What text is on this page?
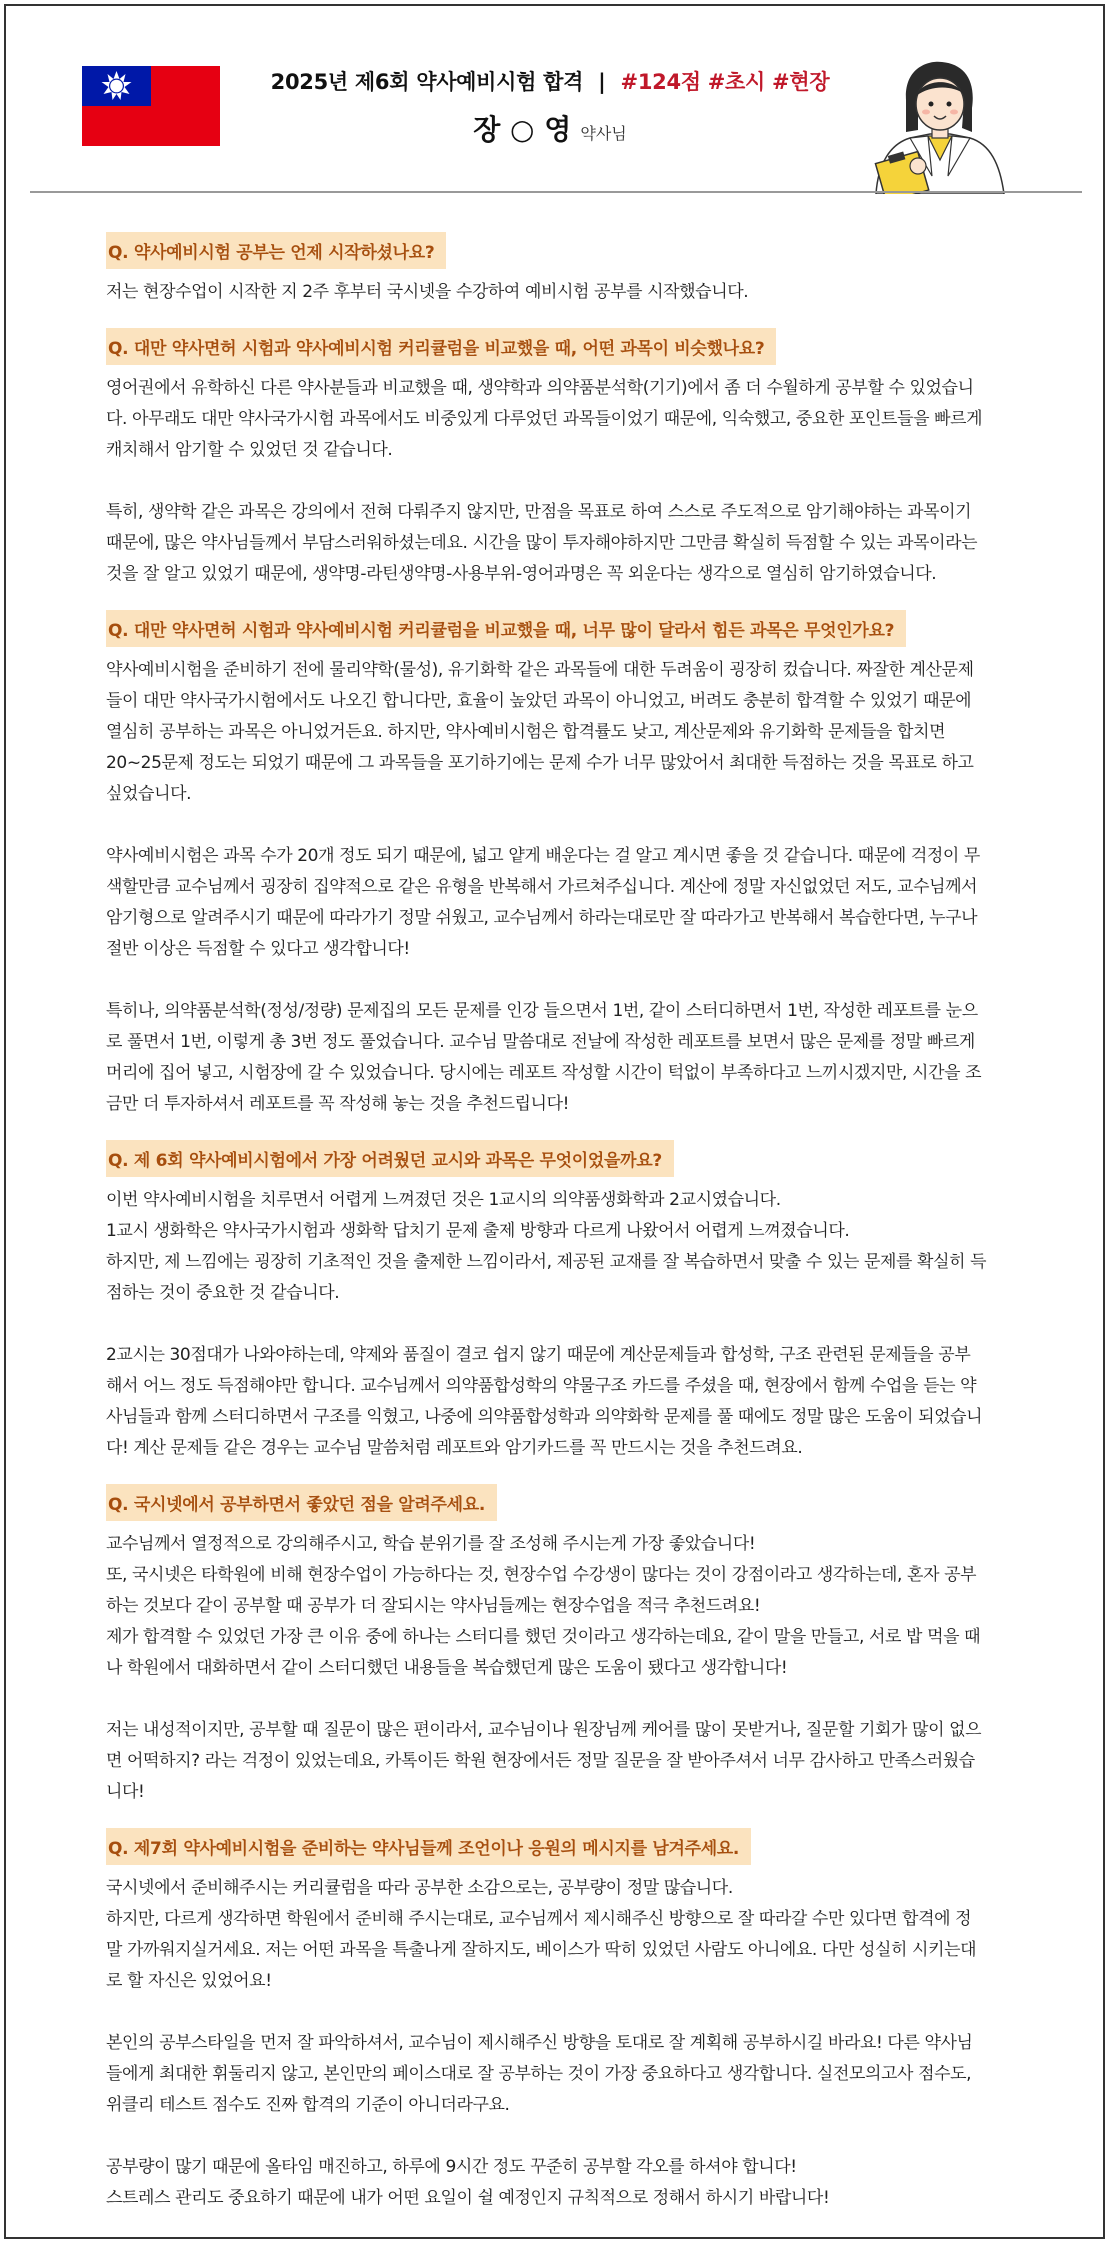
2025년 제6회 약사예비시험 합격 | #124점 #초시 #현장
장 ○ 영 약사님
Q. 약사예비시험 공부는 언제 시작하셨나요?
저는 현장수업이 시작한 지 2주 후부터 국시넷을 수강하여 예비시험 공부를 시작했습니다.
Q. 대만 약사면허 시험과 약사예비시험 커리큘럼을 비교했을 때, 어떤 과목이 비슷했나요?
영어권에서 유학하신 다른 약사분들과 비교했을 때, 생약학과 의약품분석학(기기)에서 좀 더 수월하게 공부할 수 있었습니
다. 아무래도 대만 약사국가시험 과목에서도 비중있게 다루었던 과목들이었기 때문에, 익숙했고, 중요한 포인트들을 빠르게
캐치해서 암기할 수 있었던 것 같습니다.
특히, 생약학 같은 과목은 강의에서 전혀 다뤄주지 않지만, 만점을 목표로 하여 스스로 주도적으로 암기해야하는 과목이기
때문에, 많은 약사님들께서 부담스러워하셨는데요. 시간을 많이 투자해야하지만 그만큼 확실히 득점할 수 있는 과목이라는
것을 잘 알고 있었기 때문에, 생약명-라틴생약명-사용부위-영어과명은 꼭 외운다는 생각으로 열심히 암기하였습니다.
Q. 대만 약사면허 시험과 약사예비시험 커리큘럼을 비교했을 때, 너무 많이 달라서 힘든 과목은 무엇인가요?
약사예비시험을 준비하기 전에 물리약학(물성), 유기화학 같은 과목들에 대한 두려움이 굉장히 컸습니다. 짜잘한 계산문제
들이 대만 약사국가시험에서도 나오긴 합니다만, 효율이 높았던 과목이 아니었고, 버려도 충분히 합격할 수 있었기 때문에
열심히 공부하는 과목은 아니었거든요. 하지만, 약사예비시험은 합격률도 낮고, 계산문제와 유기화학 문제들을 합치면
20~25문제 정도는 되었기 때문에 그 과목들을 포기하기에는 문제 수가 너무 많았어서 최대한 득점하는 것을 목표로 하고
싶었습니다.
약사예비시험은 과목 수가 20개 정도 되기 때문에, 넓고 얕게 배운다는 걸 알고 계시면 좋을 것 같습니다. 때문에 걱정이 무
색할만큼 교수님께서 굉장히 집약적으로 같은 유형을 반복해서 가르쳐주십니다. 계산에 정말 자신없었던 저도, 교수님께서
암기형으로 알려주시기 때문에 따라가기 정말 쉬웠고, 교수님께서 하라는대로만 잘 따라가고 반복해서 복습한다면, 누구나
절반 이상은 득점할 수 있다고 생각합니다!
특히나, 의약품분석학(정성/정량) 문제집의 모든 문제를 인강 들으면서 1번, 같이 스터디하면서 1번, 작성한 레포트를 눈으
로 풀면서 1번, 이렇게 총 3번 정도 풀었습니다. 교수님 말씀대로 전날에 작성한 레포트를 보면서 많은 문제를 정말 빠르게
머리에 집어 넣고, 시험장에 갈 수 있었습니다. 당시에는 레포트 작성할 시간이 턱없이 부족하다고 느끼시겠지만, 시간을 조
금만 더 투자하셔서 레포트를 꼭 작성해 놓는 것을 추천드립니다!
Q. 제 6회 약사예비시험에서 가장 어려웠던 교시와 과목은 무엇이었을까요?
이번 약사예비시험을 치루면서 어렵게 느껴졌던 것은 1교시의 의약품생화학과 2교시였습니다.
1교시 생화학은 약사국가시험과 생화학 답치기 문제 출제 방향과 다르게 나왔어서 어렵게 느껴졌습니다.
하지만, 제 느낌에는 굉장히 기초적인 것을 출제한 느낌이라서, 제공된 교재를 잘 복습하면서 맞출 수 있는 문제를 확실히 득
점하는 것이 중요한 것 같습니다.
2교시는 30점대가 나와야하는데, 약제와 품질이 결코 쉽지 않기 때문에 계산문제들과 합성학, 구조 관련된 문제들을 공부
해서 어느 정도 득점해야만 합니다. 교수님께서 의약품합성학의 약물구조 카드를 주셨을 때, 현장에서 함께 수업을 듣는 약
사님들과 함께 스터디하면서 구조를 익혔고, 나중에 의약품합성학과 의약화학 문제를 풀 때에도 정말 많은 도움이 되었습니
다! 계산 문제들 같은 경우는 교수님 말씀처럼 레포트와 암기카드를 꼭 만드시는 것을 추천드려요.
Q. 국시넷에서 공부하면서 좋았던 점을 알려주세요.
교수님께서 열정적으로 강의해주시고, 학습 분위기를 잘 조성해 주시는게 가장 좋았습니다!
또, 국시넷은 타학원에 비해 현장수업이 가능하다는 것, 현장수업 수강생이 많다는 것이 강점이라고 생각하는데, 혼자 공부
하는 것보다 같이 공부할 때 공부가 더 잘되시는 약사님들께는 현장수업을 적극 추천드려요!
제가 합격할 수 있었던 가장 큰 이유 중에 하나는 스터디를 했던 것이라고 생각하는데요, 같이 말을 만들고, 서로 밥 먹을 때
나 학원에서 대화하면서 같이 스터디했던 내용들을 복습했던게 많은 도움이 됐다고 생각합니다!
저는 내성적이지만, 공부할 때 질문이 많은 편이라서, 교수님이나 원장님께 케어를 많이 못받거나, 질문할 기회가 많이 없으
면 어떡하지? 라는 걱정이 있었는데요, 카톡이든 학원 현장에서든 정말 질문을 잘 받아주셔서 너무 감사하고 만족스러웠습
니다!
Q. 제7회 약사예비시험을 준비하는 약사님들께 조언이나 응원의 메시지를 남겨주세요.
국시넷에서 준비해주시는 커리큘럼을 따라 공부한 소감으로는, 공부량이 정말 많습니다.
하지만, 다르게 생각하면 학원에서 준비해 주시는대로, 교수님께서 제시해주신 방향으로 잘 따라갈 수만 있다면 합격에 정
말 가까워지실거세요. 저는 어떤 과목을 특출나게 잘하지도, 베이스가 딱히 있었던 사람도 아니에요. 다만 성실히 시키는대
로 할 자신은 있었어요!
본인의 공부스타일을 먼저 잘 파악하셔서, 교수님이 제시해주신 방향을 토대로 잘 계획해 공부하시길 바라요! 다른 약사님
들에게 최대한 휘둘리지 않고, 본인만의 페이스대로 잘 공부하는 것이 가장 중요하다고 생각합니다. 실전모의고사 점수도,
위클리 테스트 점수도 진짜 합격의 기준이 아니더라구요.
공부량이 많기 때문에 올타임 매진하고, 하루에 9시간 정도 꾸준히 공부할 각오를 하셔야 합니다!
스트레스 관리도 중요하기 때문에 내가 어떤 요일이 쉴 예정인지 규칙적으로 정해서 하시기 바랍니다!
